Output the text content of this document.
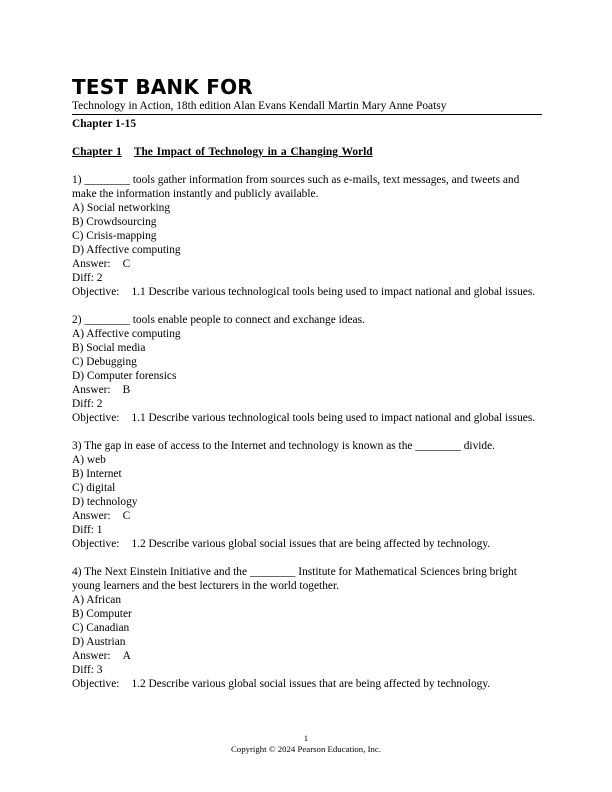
TEST BANK FOR
Technology in Action, 18th edition Alan Evans Kendall Martin Mary Anne Poatsy
Chapter 1-15
Chapter 1 The Impact of Technology in a Changing World
1) ________ tools gather information from sources such as e-mails, text messages, and tweets and make the information instantly and publicly available.
A) Social networking
B) Crowdsourcing
C) Crisis-mapping
D) Affective computing
Answer: C
Diff: 2
Objective: 1.1 Describe various technological tools being used to impact national and global issues.
2) ________ tools enable people to connect and exchange ideas.
A) Affective computing
B) Social media
C) Debugging
D) Computer forensics
Answer: B
Diff: 2
Objective: 1.1 Describe various technological tools being used to impact national and global issues.
3) The gap in ease of access to the Internet and technology is known as the ________ divide.
A) web
B) Internet
C) digital
D) technology
Answer: C
Diff: 1
Objective: 1.2 Describe various global social issues that are being affected by technology.
4) The Next Einstein Initiative and the ________ Institute for Mathematical Sciences bring bright young learners and the best lecturers in the world together.
A) African
B) Computer
C) Canadian
D) Austrian
Answer: A
Diff: 3
Objective: 1.2 Describe various global social issues that are being affected by technology.
1
Copyright © 2024 Pearson Education, Inc.
